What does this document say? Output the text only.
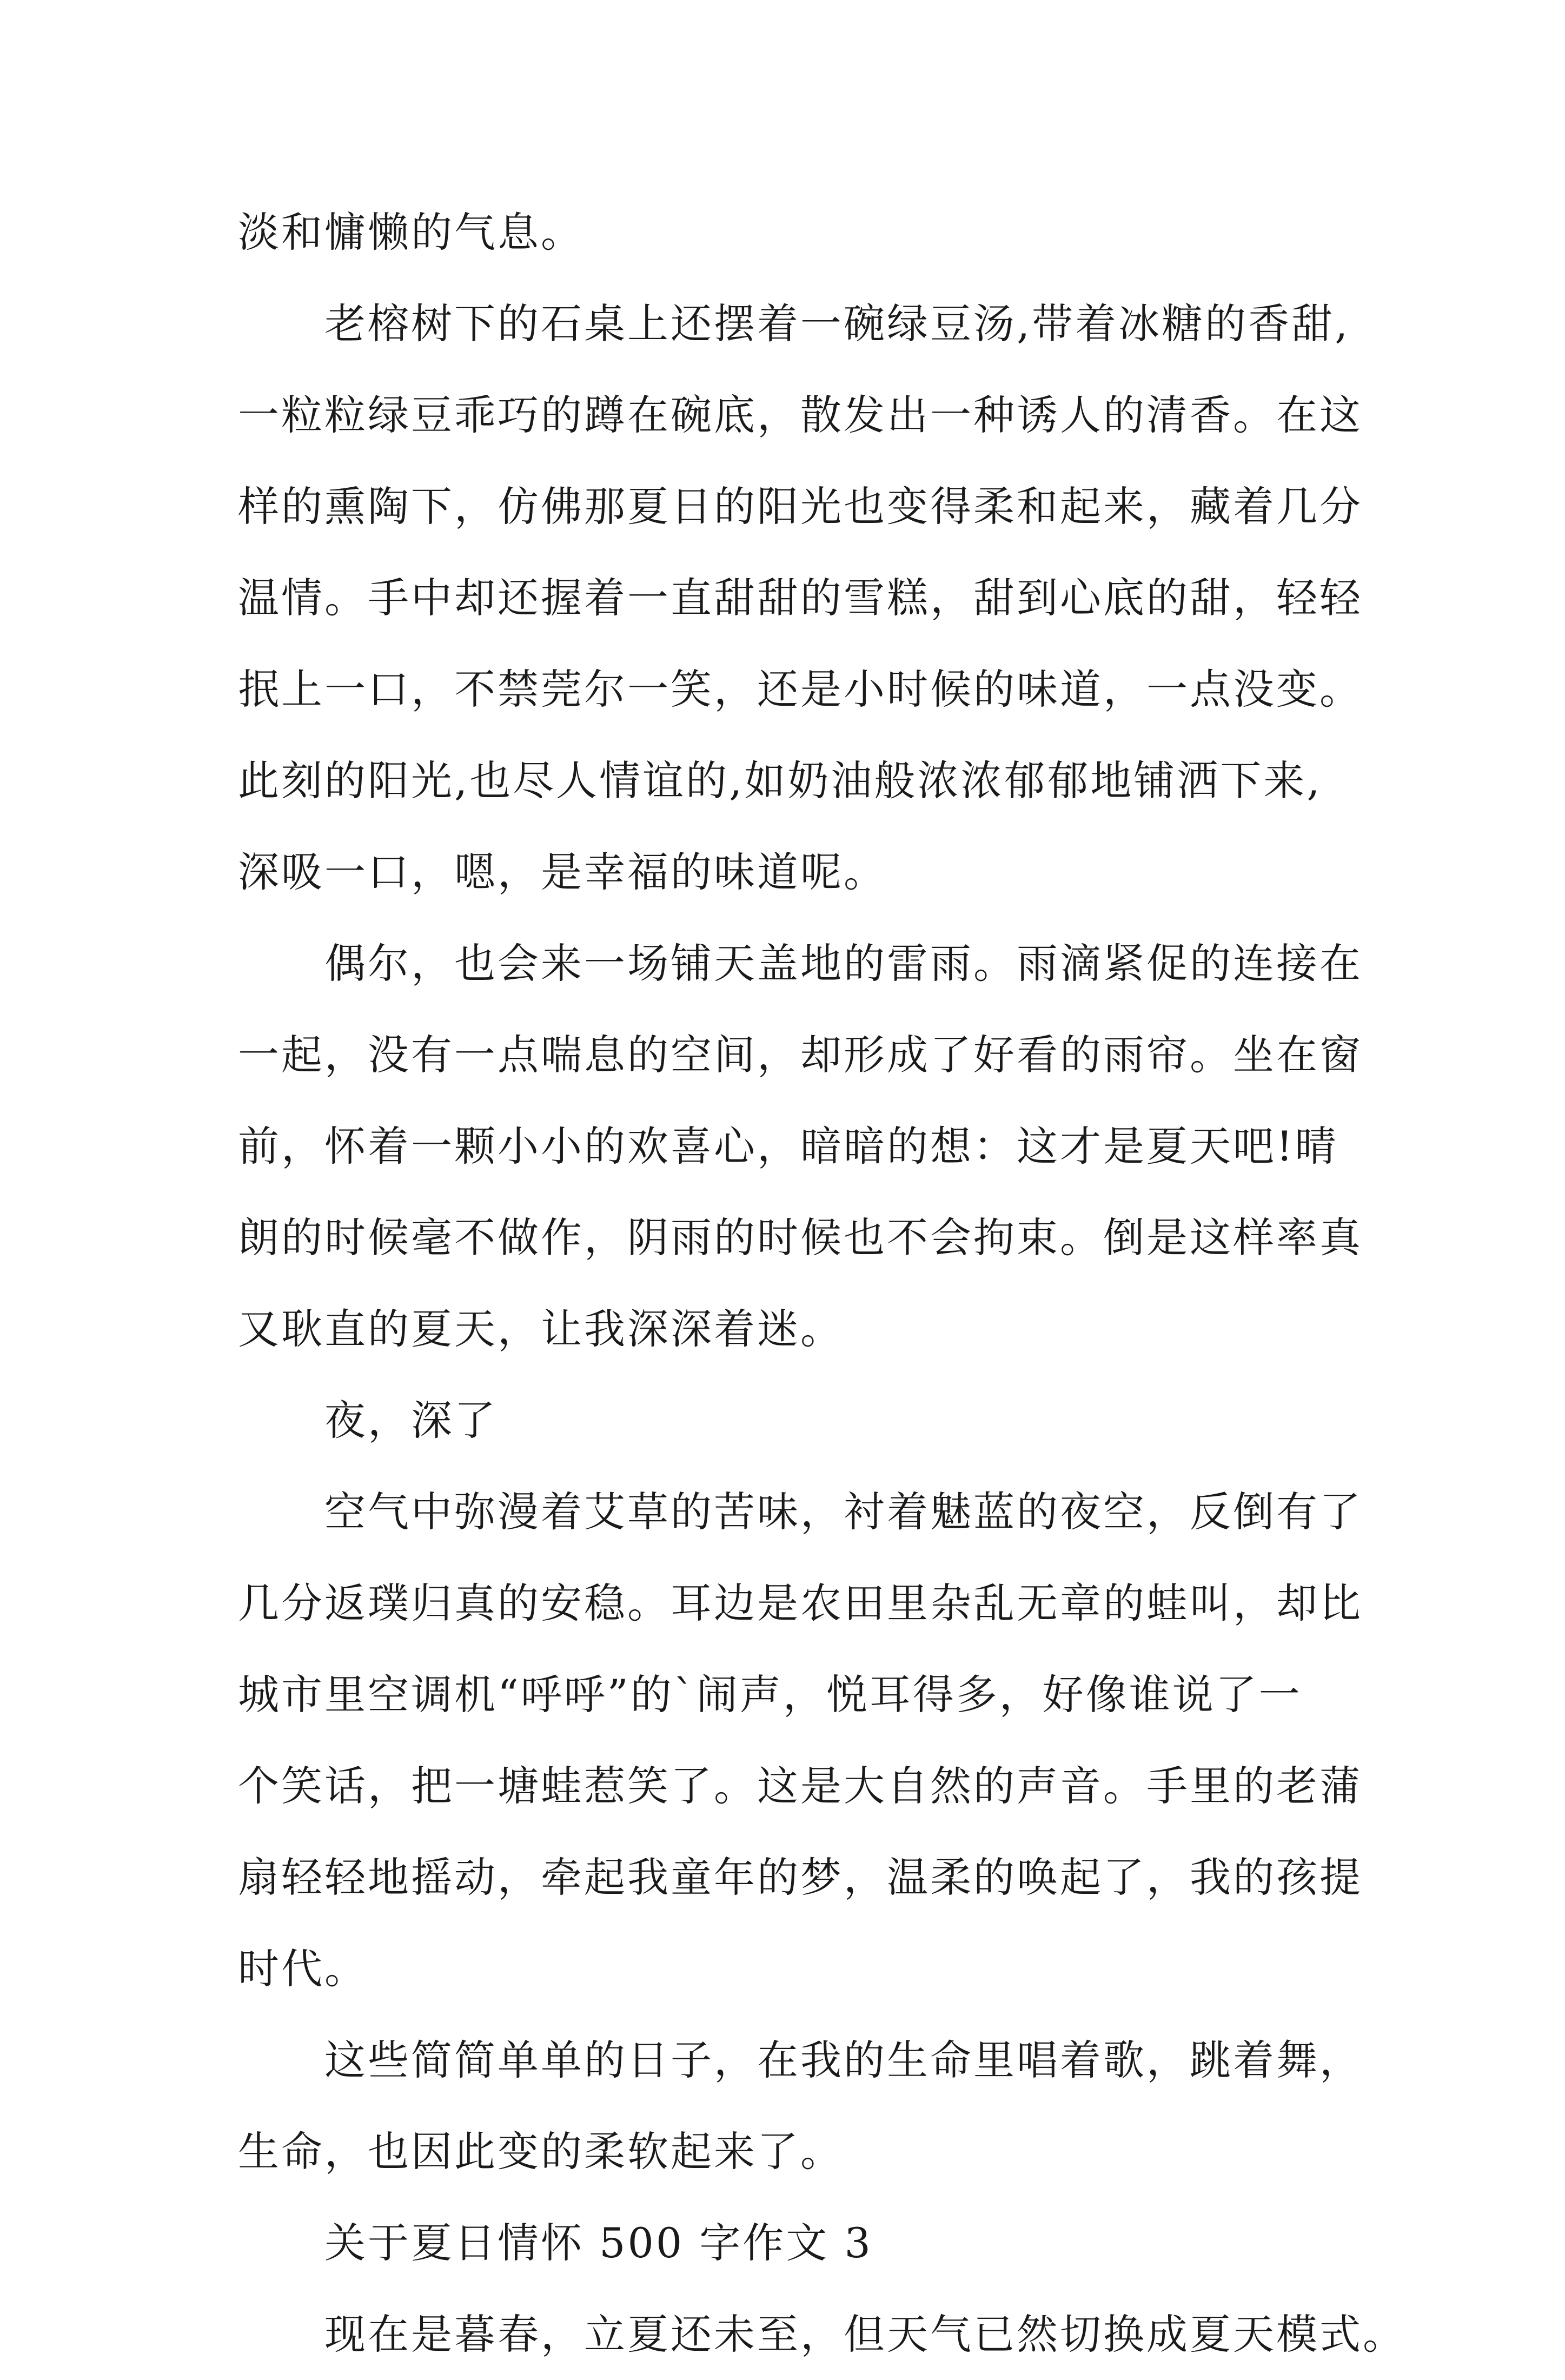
淡和慵懒的气息。
老榕树下的石桌上还摆着一碗绿豆汤,带着冰糖的香甜,
一粒粒绿豆乖巧的蹲在碗底，散发出一种诱人的清香。在这
样的熏陶下，仿佛那夏日的阳光也变得柔和起来，藏着几分
温情。手中却还握着一直甜甜的雪糕，甜到心底的甜，轻轻
抿上一口，不禁莞尔一笑，还是小时候的味道，一点没变。
此刻的阳光,也尽人情谊的,如奶油般浓浓郁郁地铺洒下来,
深吸一口，嗯，是幸福的味道呢。
偶尔，也会来一场铺天盖地的雷雨。雨滴紧促的连接在
一起，没有一点喘息的空间，却形成了好看的雨帘。坐在窗
前，怀着一颗小小的欢喜心，暗暗的想：这才是夏天吧!晴
朗的时候毫不做作，阴雨的时候也不会拘束。倒是这样率真
又耿直的夏天，让我深深着迷。
夜，深了
空气中弥漫着艾草的苦味，衬着魅蓝的夜空，反倒有了
几分返璞归真的安稳。耳边是农田里杂乱无章的蛙叫，却比
城市里空调机“呼呼”的`闹声，悦耳得多，好像谁说了一
个笑话，把一塘蛙惹笑了。这是大自然的声音。手里的老蒲
扇轻轻地摇动，牵起我童年的梦，温柔的唤起了，我的孩提
时代。
这些简简单单的日子，在我的生命里唱着歌，跳着舞，
生命，也因此变的柔软起来了。
关于夏日情怀 500 字作文 3
现在是暮春，立夏还未至，但天气已然切换成夏天模式。
